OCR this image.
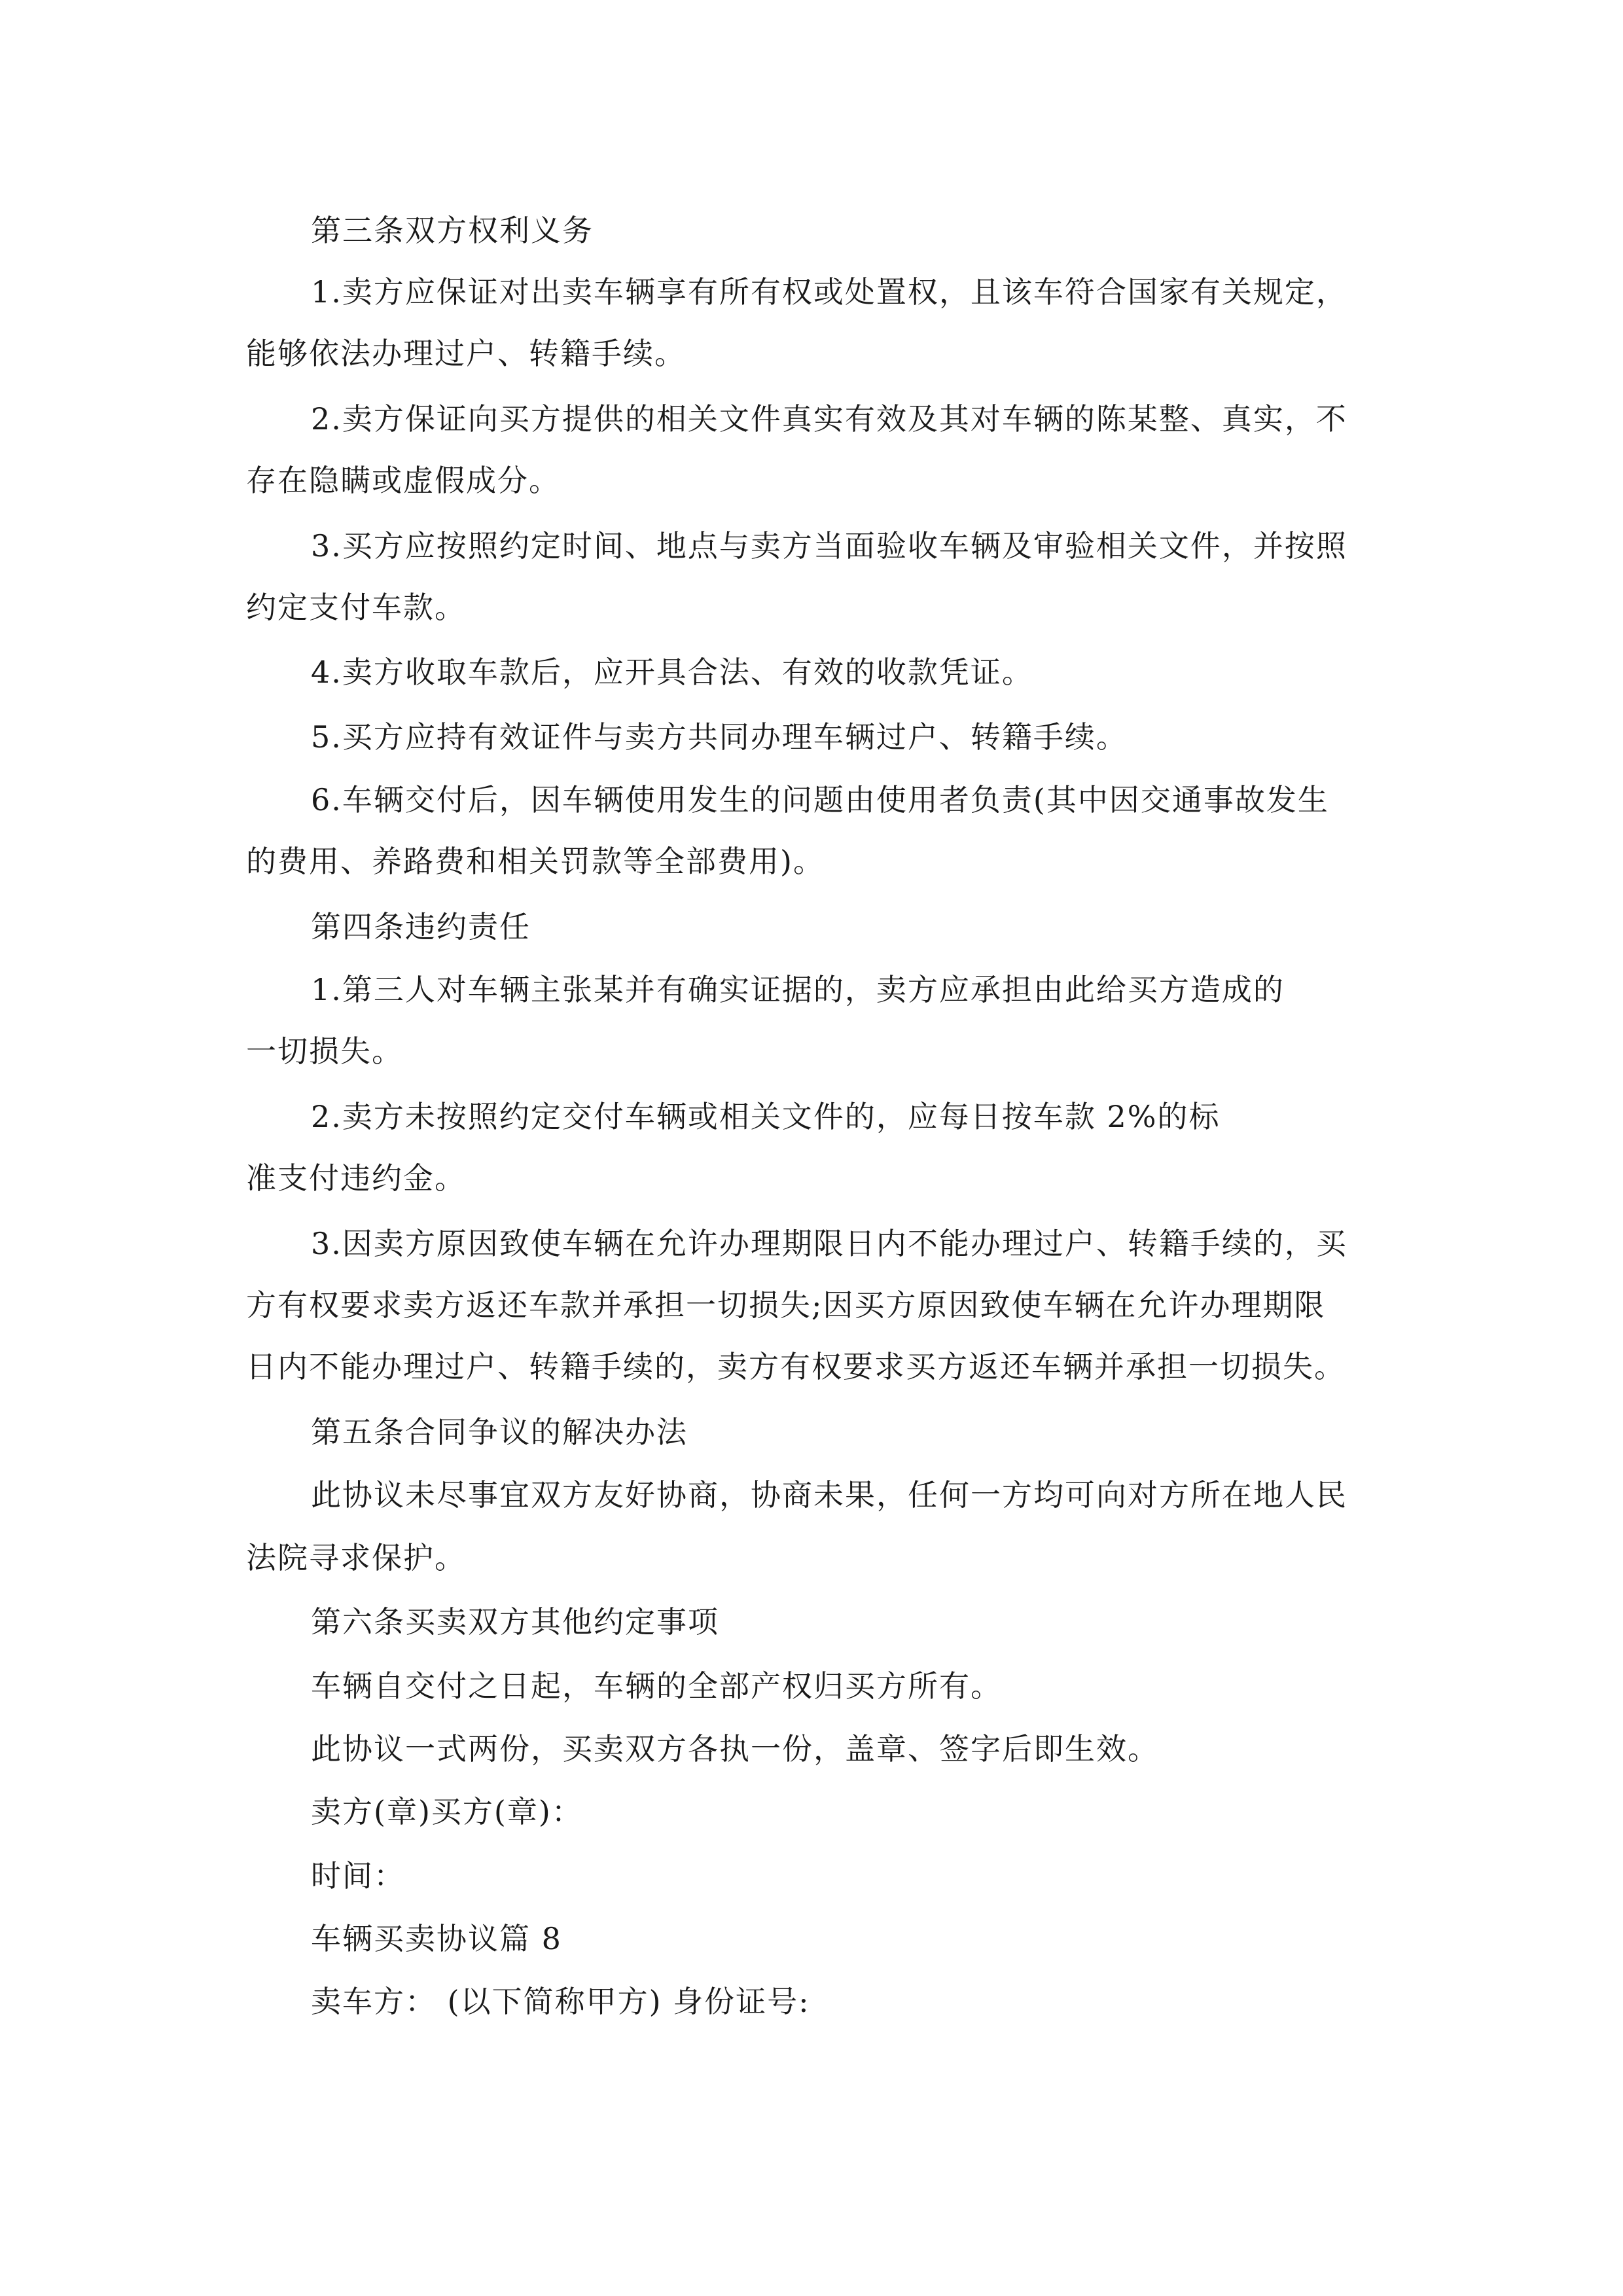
第三条双方权利义务
1.卖方应保证对出卖车辆享有所有权或处置权，且该车符合国家有关规定，
能够依法办理过户、转籍手续。
2.卖方保证向买方提供的相关文件真实有效及其对车辆的陈某整、真实，不
存在隐瞒或虚假成分。
3.买方应按照约定时间、地点与卖方当面验收车辆及审验相关文件，并按照
约定支付车款。
4.卖方收取车款后，应开具合法、有效的收款凭证。
5.买方应持有效证件与卖方共同办理车辆过户、转籍手续。
6.车辆交付后，因车辆使用发生的问题由使用者负责(其中因交通事故发生
的费用、养路费和相关罚款等全部费用)。
第四条违约责任
1.第三人对车辆主张某并有确实证据的，卖方应承担由此给买方造成的
一切损失。
2.卖方未按照约定交付车辆或相关文件的，应每日按车款 2%的标
准支付违约金。
3.因卖方原因致使车辆在允许办理期限日内不能办理过户、转籍手续的，买
方有权要求卖方返还车款并承担一切损失;因买方原因致使车辆在允许办理期限
日内不能办理过户、转籍手续的，卖方有权要求买方返还车辆并承担一切损失。
第五条合同争议的解决办法
此协议未尽事宜双方友好协商，协商未果，任何一方均可向对方所在地人民
法院寻求保护。
第六条买卖双方其他约定事项
车辆自交付之日起，车辆的全部产权归买方所有。
此协议一式两份，买卖双方各执一份，盖章、签字后即生效。
卖方(章)买方(章)：
时间：
车辆买卖协议篇 8
卖车方： (以下简称甲方) 身份证号:
